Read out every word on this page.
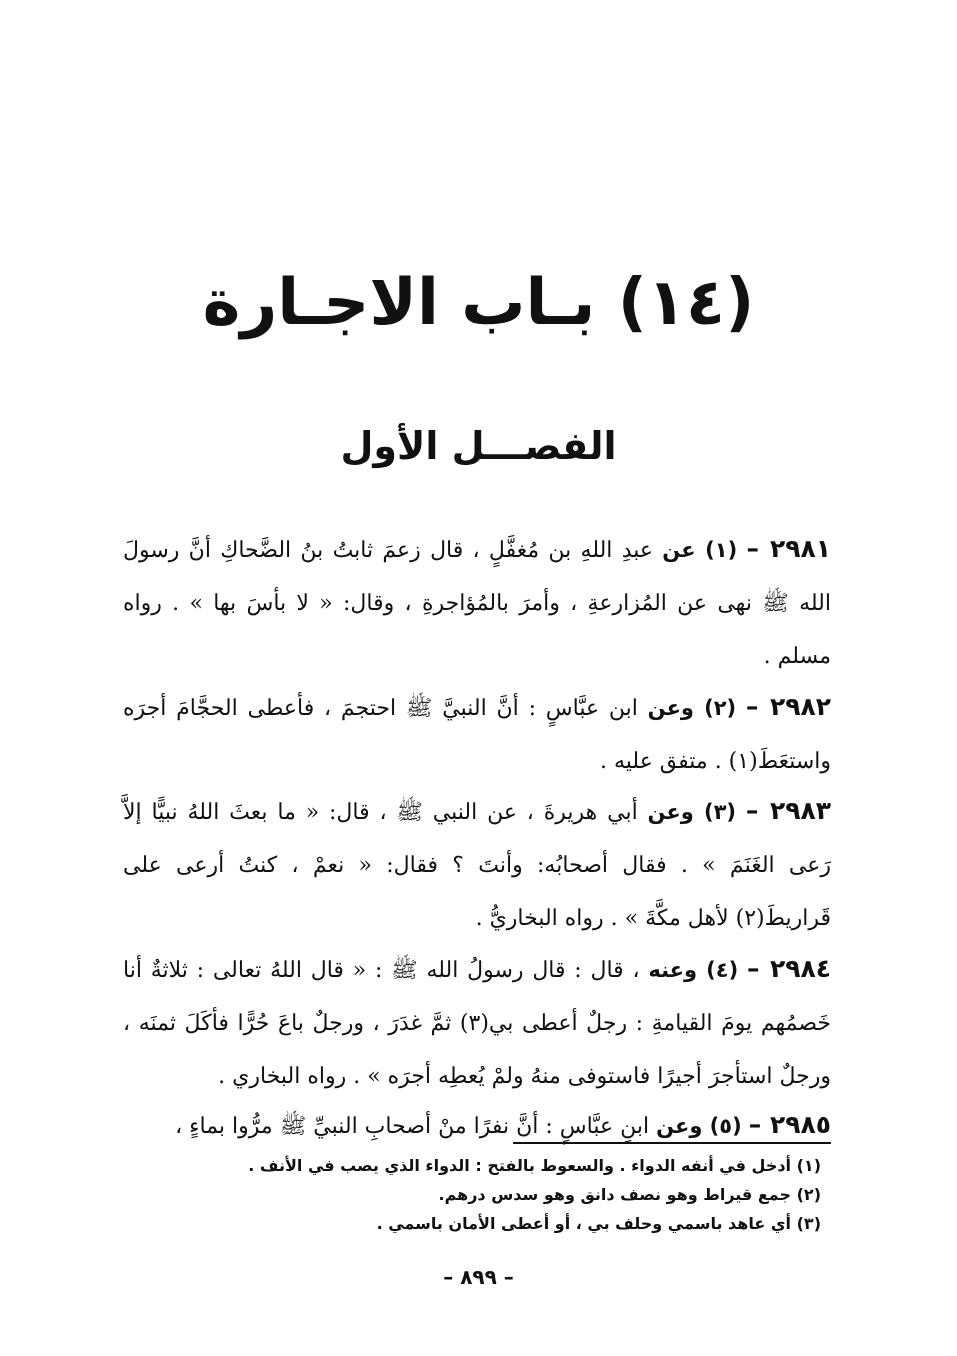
(١٤) بـاب الاجـارة
الفصـــل الأول
٢٩٨١ – (١) عن عبدِ اللهِ بن مُغفَّلٍ ، قال زعمَ ثابتُ بنُ الضَّحاكِ أنَّ رسولَ الله ﷺ نهى عن المُزارعةِ ، وأمرَ بالمُؤاجرةِ ، وقال: « لا بأسَ بها » . رواه مسلم .
٢٩٨٢ – (٢) وعن ابن عبَّاسٍ : أنَّ النبيَّ ﷺ احتجمَ ، فأعطى الحجَّامَ أجرَه واستعَطَ(١) . متفق عليه .
٢٩٨٣ – (٣) وعن أبي هريرةَ ، عن النبي ﷺ ، قال: « ما بعثَ اللهُ نبيًّا إلاَّ رَعى الغَنَمَ » . فقال أصحابُه: وأنتَ ؟ فقال: « نعمْ ، كنتُ أرعى على قَراريطَ(٢) لأهل مكَّةَ » . رواه البخاريُّ .
٢٩٨٤ – (٤) وعنه ، قال : قال رسولُ الله ﷺ : « قال اللهُ تعالى : ثلاثةٌ أنا خَصمُهم يومَ القيامةِ : رجلٌ أعطى بي(٣) ثمَّ غدَرَ ، ورجلٌ باعَ حُرًّا فأكَلَ ثمنَه ، ورجلٌ استأجرَ أجيرًا فاستوفى منهُ ولمْ يُعطِه أجرَه » . رواه البخاري .
٢٩٨٥ – (٥) وعن ابنِ عبَّاسٍ : أنَّ نفرًا منْ أصحابِ النبيِّ ﷺ مرُّوا بماءٍ ،
(١) أدخل في أنفه الدواء . والسعوط بالفتح : الدواء الذي يصب في الأنف .
(٢) جمع قيراط وهو نصف دانق وهو سدس درهم.
(٣) أي عاهد باسمي وحلف بي ، أو أعطى الأمان باسمي .
– ٨٩٩ –
